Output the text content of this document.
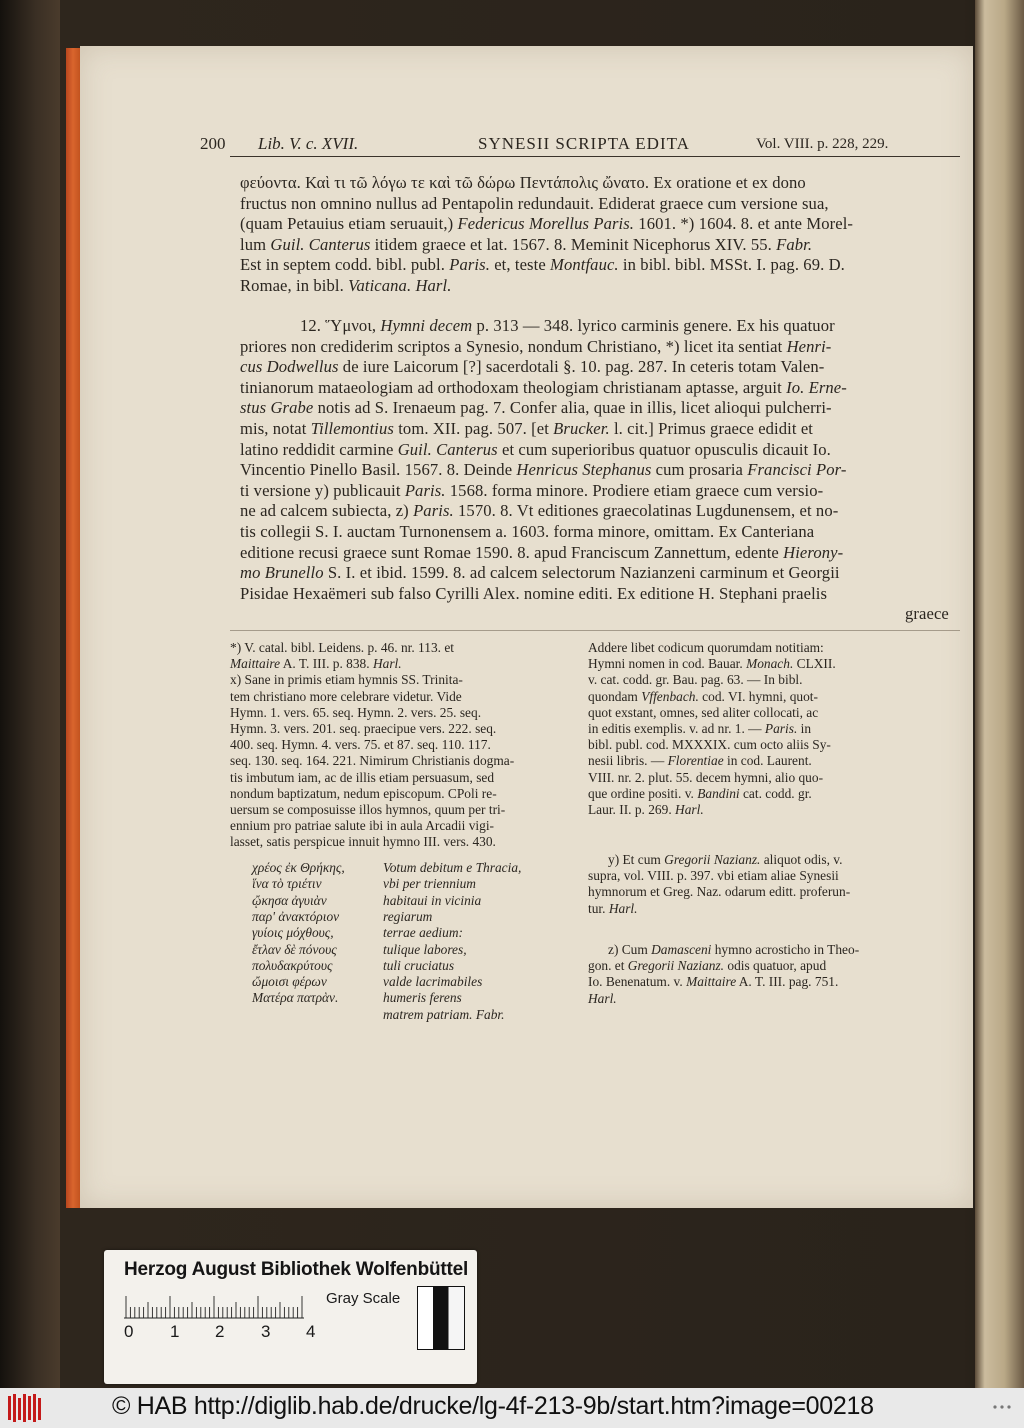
200 Lib. V. c. XVII.	SYNESII SCRIPTA EDITA	Vol. VIII. p. 228, 229.
φεύοντα. Καὶ τι τῶ λόγω τε καὶ τῶ δώρω Πεντάπολις ὤνατο. Ex oratione et ex dono
fructus non omnino nullus ad Pentapolin redundauit. Ediderat graece cum versione sua,
(quam Petauius etiam seruauit,) Federicus Morellus Paris. 1601. *) 1604. 8. et ante Morel-
lum Guil. Canterus itidem graece et lat. 1567. 8. Meminit Nicephorus XIV. 55. Fabr.
Est in septem codd. bibl. publ. Paris. et, teste Montfauc. in bibl. bibl. MSSt. I. pag. 69. D.
Romae, in bibl. Vaticana. Harl.
12. Ὕμνοι, Hymni decem p. 313 — 348. lyrico carminis genere. Ex his quatuor
priores non crediderim scriptos a Synesio, nondum Christiano, *) licet ita sentiat Henri-
cus Dodwellus de iure Laicorum [?] sacerdotali §. 10. pag. 287. In ceteris totam Valen-
tinianorum mataeologiam ad orthodoxam theologiam christianam aptasse, arguit Io. Erne-
stus Grabe notis ad S. Irenaeum pag. 7. Confer alia, quae in illis, licet alioqui pulcherri-
mis, notat Tillemontius tom. XII. pag. 507. [et Brucker. l. cit.] Primus graece edidit et
latino reddidit carmine Guil. Canterus et cum superioribus quatuor opusculis dicauit Io.
Vincentio Pinello Basil. 1567. 8. Deinde Henricus Stephanus cum prosaria Francisci Por-
ti versione y) publicauit Paris. 1568. forma minore. Prodiere etiam graece cum versio-
ne ad calcem subiecta, z) Paris. 1570. 8. Vt editiones graecolatinas Lugdunensem, et no-
tis collegii S. I. auctam Turnonensem a. 1603. forma minore, omittam. Ex Canteriana
editione recusi graece sunt Romae 1590. 8. apud Franciscum Zannettum, edente Hierony-
mo Brunello S. I. et ibid. 1599. 8. ad calcem selectorum Nazianzeni carminum et Georgii
Pisidae Hexaëmeri sub falso Cyrilli Alex. nomine editi. Ex editione H. Stephani praelis
graece
*) V. catal. bibl. Leidens. p. 46. nr. 113. et
Maittaire A. T. III. p. 838. Harl.
x) Sane in primis etiam hymnis SS. Trinita-
tem christiano more celebrare videtur. Vide
Hymn. 1. vers. 65. seq. Hymn. 2. vers. 25. seq.
Hymn. 3. vers. 201. seq. praecipue vers. 222. seq.
400. seq. Hymn. 4. vers. 75. et 87. seq. 110. 117.
seq. 130. seq. 164. 221. Nimirum Christianis dogma-
tis imbutum iam, ac de illis etiam persuasum, sed
nondum baptizatum, nedum episcopum. CPoli re-
uersum se composuisse illos hymnos, quum per tri-
ennium pro patriae salute ibi in aula Arcadii vigi-
lasset, satis perspicue innuit hymno III. vers. 430.
χρέος ἐκ Θρήκης,
ἵνα τὸ τριέτιν
ᾤκησα ἀγυιὰν
παρ' ἀνακτόριον
γυίοις μόχθους,
ἔτλαν δὲ πόνους
πολυδακρύτους
ὤμοισι φέρων
Ματέρα πατρὰν.
Votum debitum e Thracia,
vbi per triennium
habitaui in vicinia
regiarum
terrae aedium:
tulique labores,
tuli cruciatus
valde lacrimabiles
humeris ferens
matrem patriam. Fabr.
Addere libet codicum quorumdam notitiam:
Hymni nomen in cod. Bauar. Monach. CLXII.
v. cat. codd. gr. Bau. pag. 63. — In bibl.
quondam Vffenbach. cod. VI. hymni, quot-
quot exstant, omnes, sed aliter collocati, ac
in editis exemplis. v. ad nr. 1. — Paris. in
bibl. publ. cod. MXXXIX. cum octo aliis Sy-
nesii libris. — Florentiae in cod. Laurent.
VIII. nr. 2. plut. 55. decem hymni, alio quo-
que ordine positi. v. Bandini cat. codd. gr.
Laur. II. p. 269. Harl.
y) Et cum Gregorii Nazianz. aliquot odis, v.
supra, vol. VIII. p. 397. vbi etiam aliae Synesii
hymnorum et Greg. Naz. odarum editt. proferun-
tur. Harl.
z) Cum Damasceni hymno acrosticho in Theo-
gon. et Gregorii Nazianz. odis quatuor, apud
Io. Benenatum. v. Maittaire A. T. III. pag. 751.
Harl.
Herzog August Bibliothek Wolfenbüttel
Gray Scale
0 1 2 3 4
© HAB http://diglib.hab.de/drucke/lg-4f-213-9b/start.htm?image=00218
